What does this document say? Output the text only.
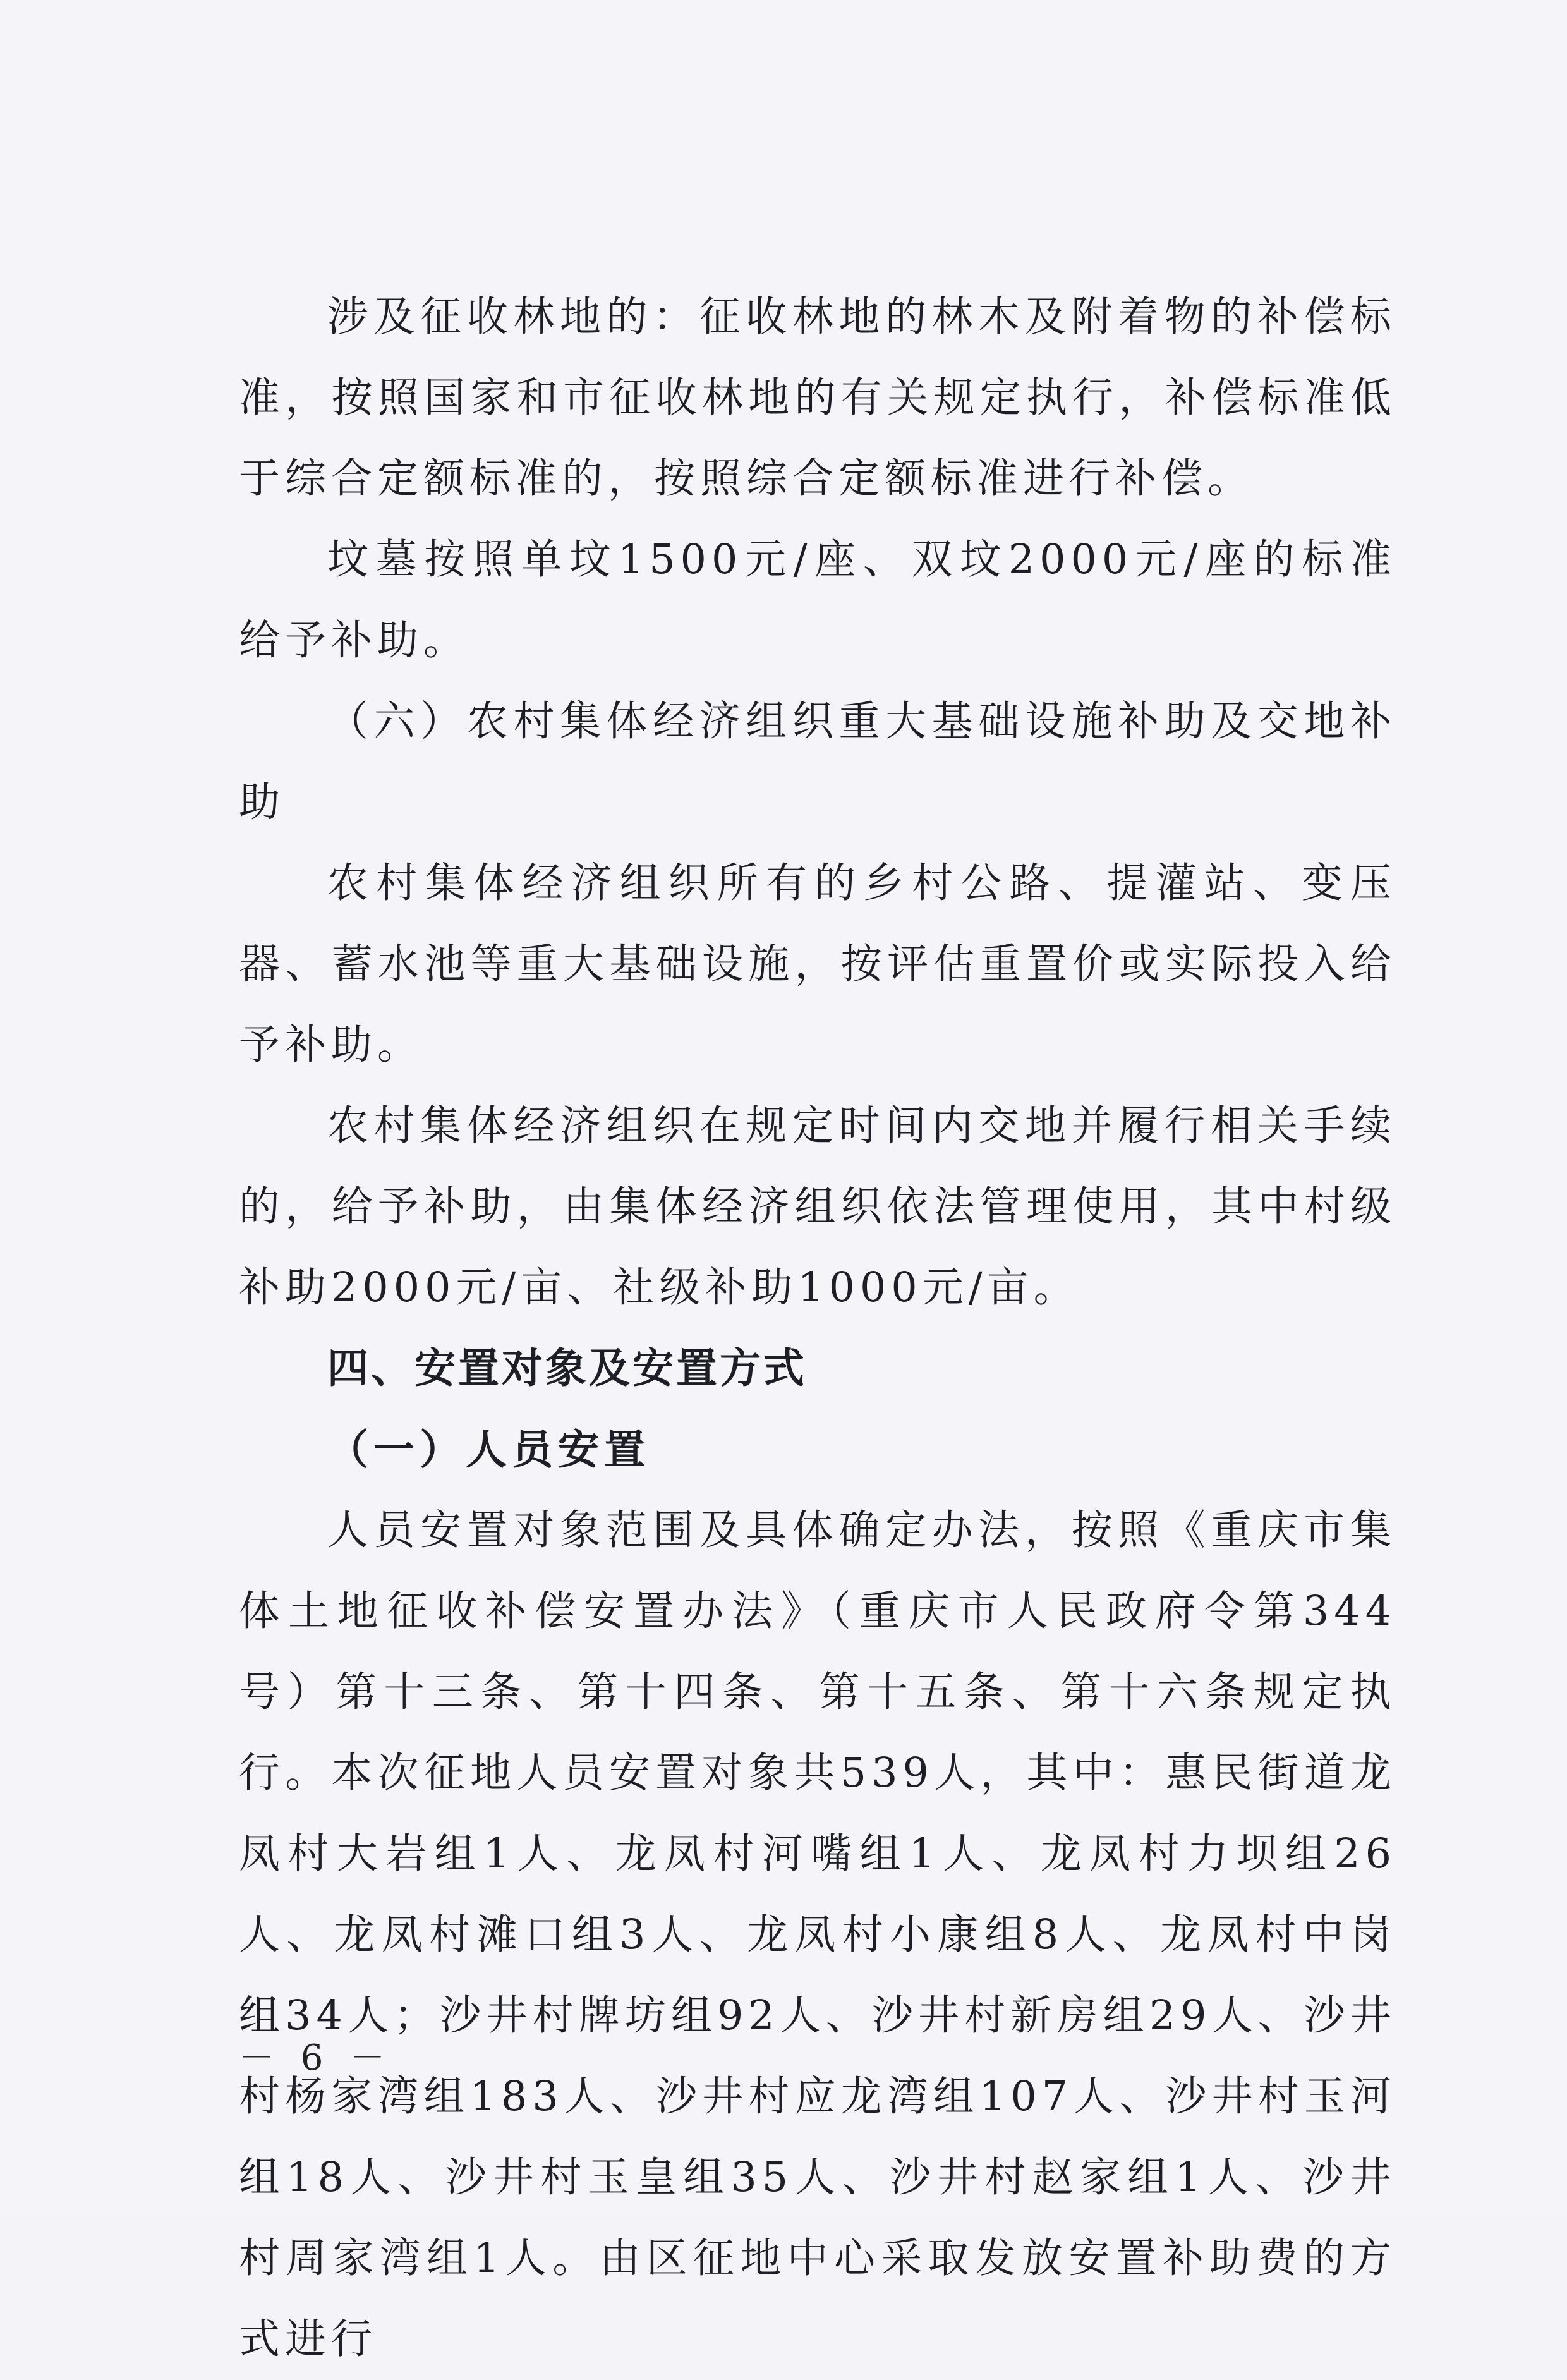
涉及征收林地的：征收林地的林木及附着物的补偿标准，按照国家和市征收林地的有关规定执行，补偿标准低于综合定额标准的，按照综合定额标准进行补偿。

坟墓按照单坟1500元/座、双坟2000元/座的标准给予补助。

（六）农村集体经济组织重大基础设施补助及交地补助

农村集体经济组织所有的乡村公路、提灌站、变压器、蓄水池等重大基础设施，按评估重置价或实际投入给予补助。

农村集体经济组织在规定时间内交地并履行相关手续的，给予补助，由集体经济组织依法管理使用，其中村级补助2000元/亩、社级补助1000元/亩。

四、安置对象及安置方式

（一）人员安置

人员安置对象范围及具体确定办法，按照《重庆市集体土地征收补偿安置办法》（重庆市人民政府令第344号）第十三条、第十四条、第十五条、第十六条规定执行。本次征地人员安置对象共539人，其中：惠民街道龙凤村大岩组1人、龙凤村河嘴组1人、龙凤村力坝组26人、龙凤村滩口组3人、龙凤村小康组8人、龙凤村中岗组34人；沙井村牌坊组92人、沙井村新房组29人、沙井村杨家湾组183人、沙井村应龙湾组107人、沙井村玉河组18人、沙井村玉皇组35人、沙井村赵家组1人、沙井村周家湾组1人。由区征地中心采取发放安置补助费的方式进行

－ 6 －
